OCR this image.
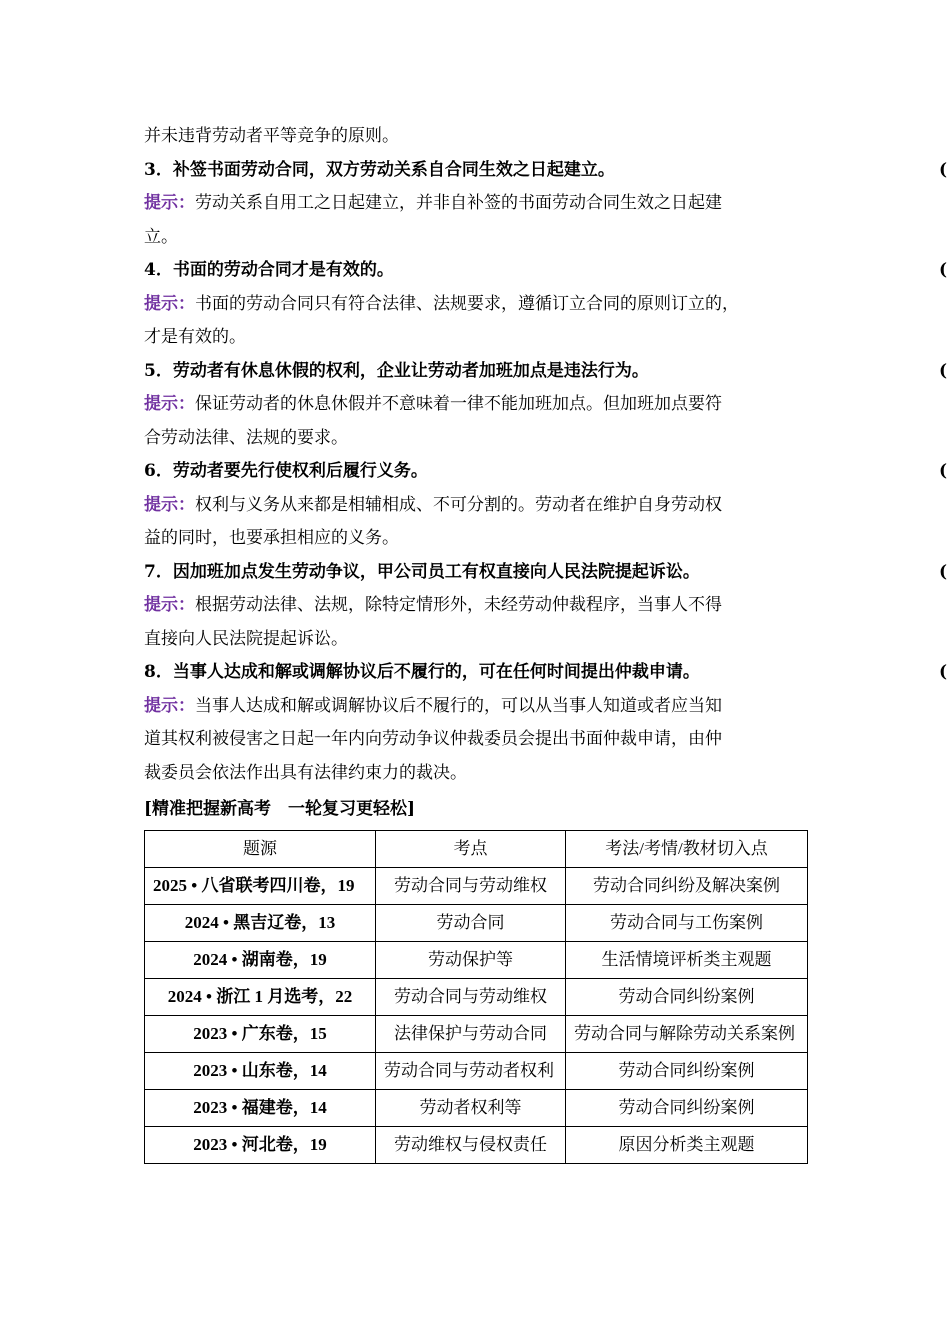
并未违背劳动者平等竞争的原则。
3．补签书面劳动合同，双方劳动关系自合同生效之日起建立。	(
提示：劳动关系自用工之日起建立，并非自补签的书面劳动合同生效之日起建
立。
4．书面的劳动合同才是有效的。	(
提示：书面的劳动合同只有符合法律、法规要求，遵循订立合同的原则订立的，
才是有效的。
5．劳动者有休息休假的权利，企业让劳动者加班加点是违法行为。	(
提示：保证劳动者的休息休假并不意味着一律不能加班加点。但加班加点要符
合劳动法律、法规的要求。
6．劳动者要先行使权利后履行义务。	(
提示：权利与义务从来都是相辅相成、不可分割的。劳动者在维护自身劳动权
益的同时，也要承担相应的义务。
7．因加班加点发生劳动争议，甲公司员工有权直接向人民法院提起诉讼。	(
提示：根据劳动法律、法规，除特定情形外，未经劳动仲裁程序，当事人不得
直接向人民法院提起诉讼。
8．当事人达成和解或调解协议后不履行的，可在任何时间提出仲裁申请。	(
提示：当事人达成和解或调解协议后不履行的，可以从当事人知道或者应当知
道其权利被侵害之日起一年内向劳动争议仲裁委员会提出书面仲裁申请，由仲
裁委员会依法作出具有法律约束力的裁决。
[精准把握新高考　一轮复习更轻松]
题源	考点	考法/考情/教材切入点
2025 • 八省联考四川卷，19	劳动合同与劳动维权	劳动合同纠纷及解决案例
2024 • 黑吉辽卷，13	劳动合同	劳动合同与工伤案例
2024 • 湖南卷，19	劳动保护等	生活情境评析类主观题
2024 • 浙江 1 月选考，22	劳动合同与劳动维权	劳动合同纠纷案例
2023 • 广东卷，15	法律保护与劳动合同	劳动合同与解除劳动关系案例
2023 • 山东卷，14	劳动合同与劳动者权利	劳动合同纠纷案例
2023 • 福建卷，14	劳动者权利等	劳动合同纠纷案例
2023 • 河北卷，19	劳动维权与侵权责任	原因分析类主观题
